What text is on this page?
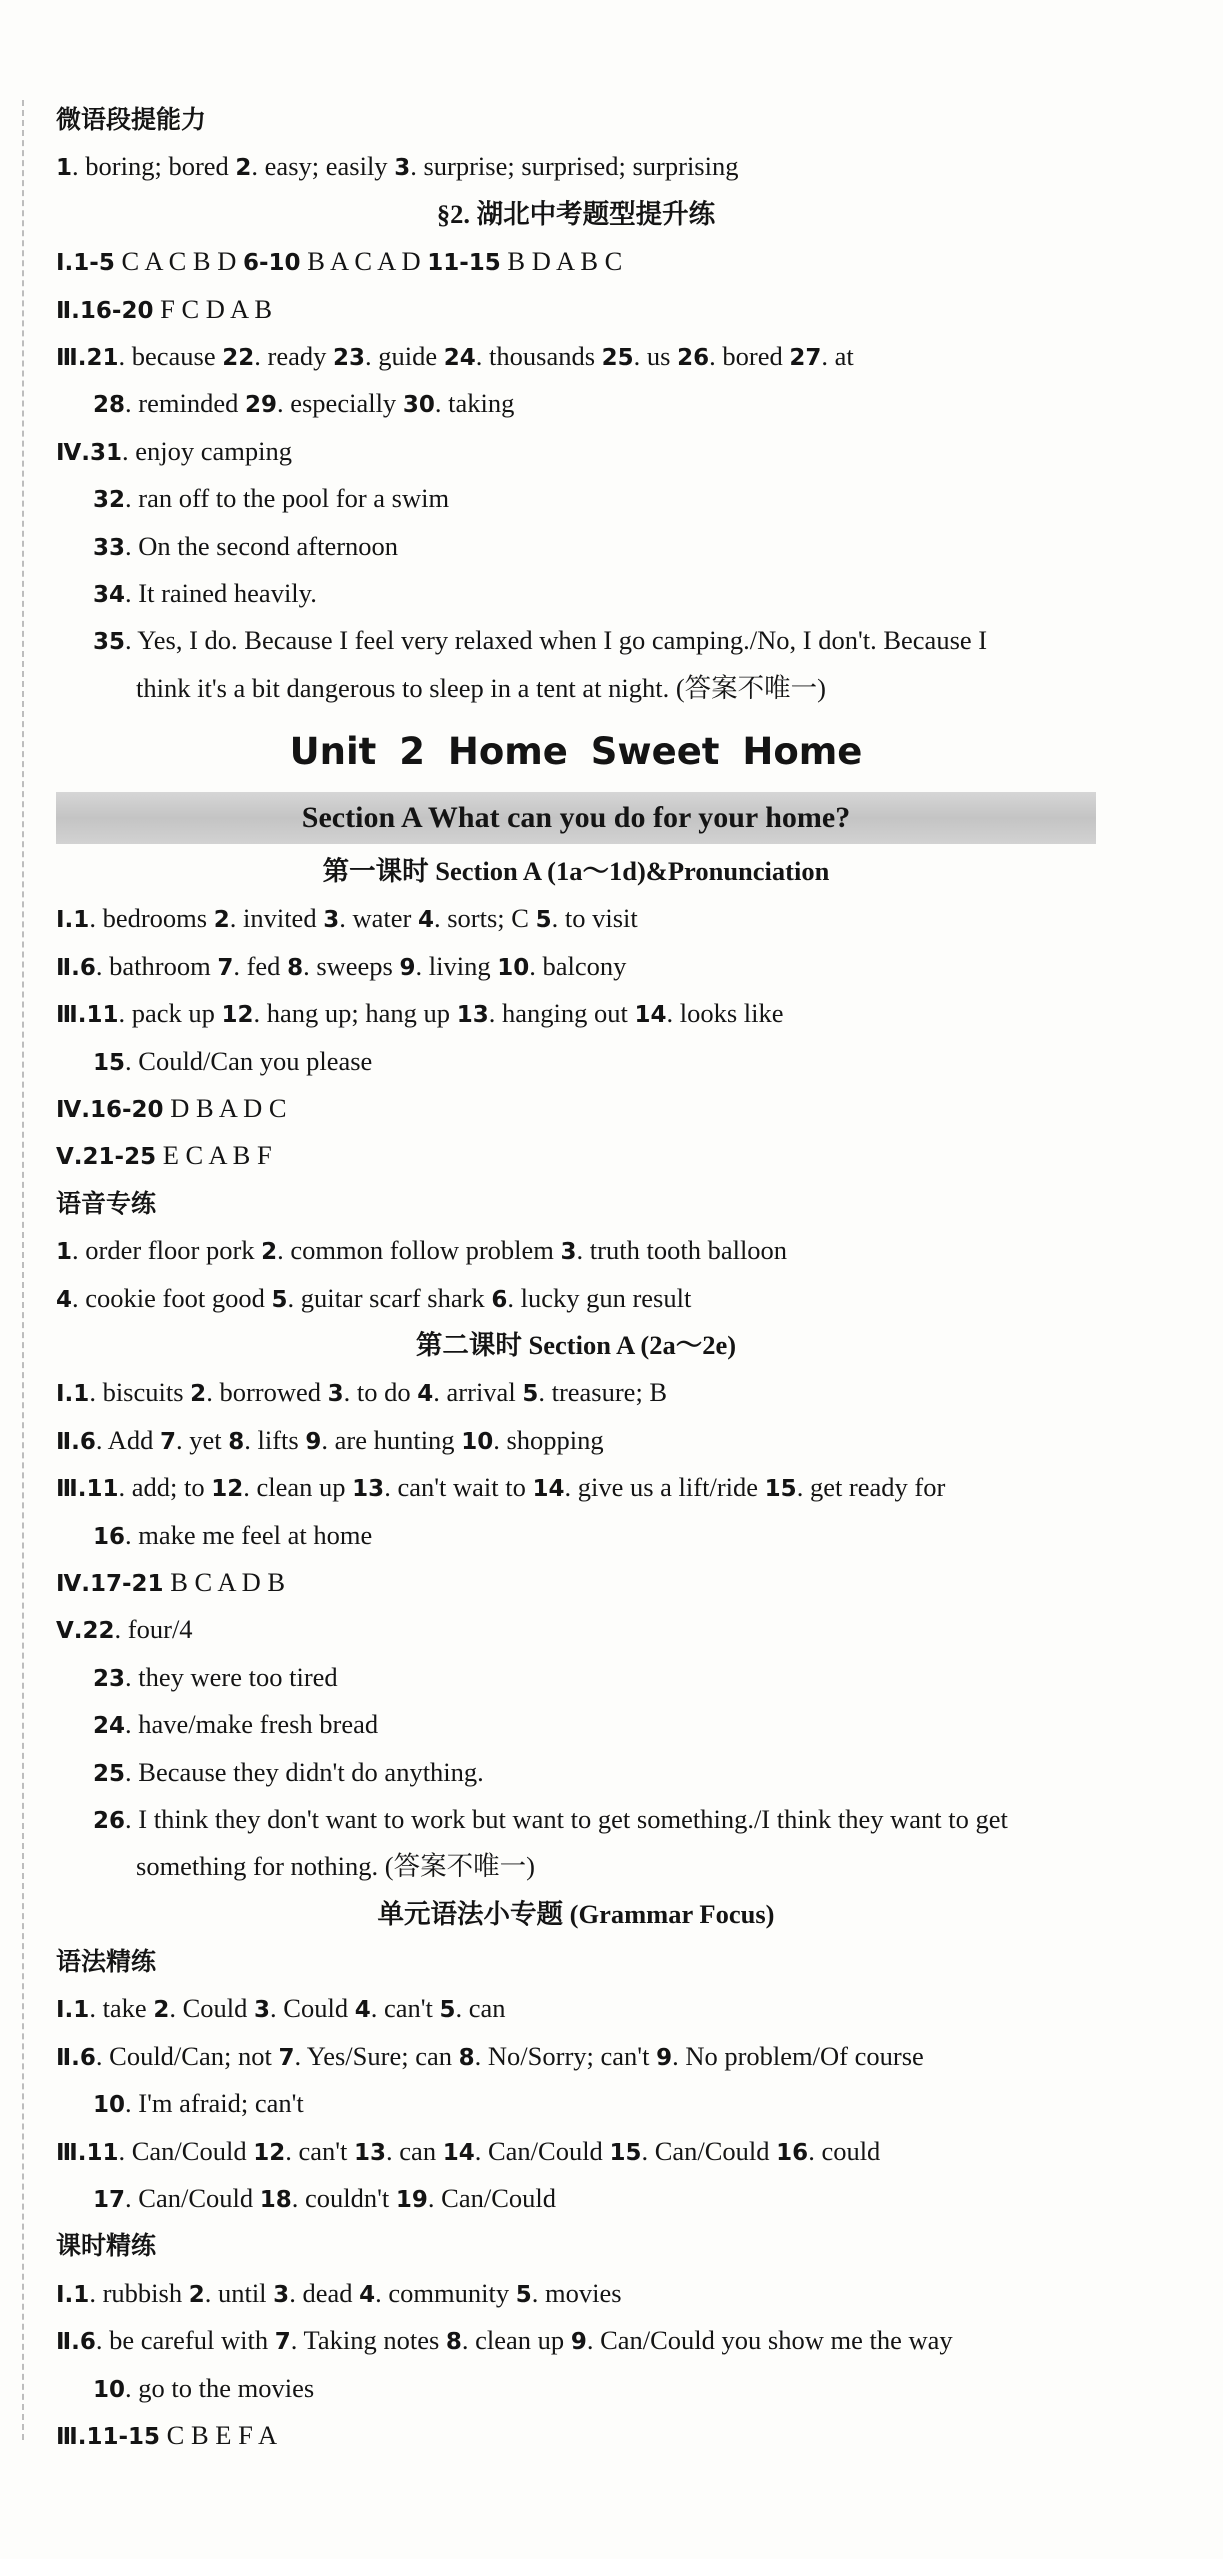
微语段提能力
1. boring; bored 2. easy; easily 3. surprise; surprised; surprising
§2. 湖北中考题型提升练
Ⅰ.1-5 C A C B D 6-10 B A C A D 11-15 B D A B C
Ⅱ.16-20 F C D A B
Ⅲ.21. because 22. ready 23. guide 24. thousands 25. us 26. bored 27. at
28. reminded 29. especially 30. taking
Ⅳ.31. enjoy camping
32. ran off to the pool for a swim
33. On the second afternoon
34. It rained heavily.
35. Yes, I do. Because I feel very relaxed when I go camping./No, I don't. Because I
think it's a bit dangerous to sleep in a tent at night. (答案不唯一)
Unit 2 Home Sweet Home
Section A What can you do for your home?
第一课时 Section A (1a～1d)&Pronunciation
Ⅰ.1. bedrooms 2. invited 3. water 4. sorts; C 5. to visit
Ⅱ.6. bathroom 7. fed 8. sweeps 9. living 10. balcony
Ⅲ.11. pack up 12. hang up; hang up 13. hanging out 14. looks like
15. Could/Can you please
Ⅳ.16-20 D B A D C
Ⅴ.21-25 E C A B F
语音专练
1. order floor pork 2. common follow problem 3. truth tooth balloon
4. cookie foot good 5. guitar scarf shark 6. lucky gun result
第二课时 Section A (2a～2e)
Ⅰ.1. biscuits 2. borrowed 3. to do 4. arrival 5. treasure; B
Ⅱ.6. Add 7. yet 8. lifts 9. are hunting 10. shopping
Ⅲ.11. add; to 12. clean up 13. can't wait to 14. give us a lift/ride 15. get ready for
16. make me feel at home
Ⅳ.17-21 B C A D B
Ⅴ.22. four/4
23. they were too tired
24. have/make fresh bread
25. Because they didn't do anything.
26. I think they don't want to work but want to get something./I think they want to get
something for nothing. (答案不唯一)
单元语法小专题 (Grammar Focus)
语法精练
Ⅰ.1. take 2. Could 3. Could 4. can't 5. can
Ⅱ.6. Could/Can; not 7. Yes/Sure; can 8. No/Sorry; can't 9. No problem/Of course
10. I'm afraid; can't
Ⅲ.11. Can/Could 12. can't 13. can 14. Can/Could 15. Can/Could 16. could
17. Can/Could 18. couldn't 19. Can/Could
课时精练
Ⅰ.1. rubbish 2. until 3. dead 4. community 5. movies
Ⅱ.6. be careful with 7. Taking notes 8. clean up 9. Can/Could you show me the way
10. go to the movies
Ⅲ.11-15 C B E F A
